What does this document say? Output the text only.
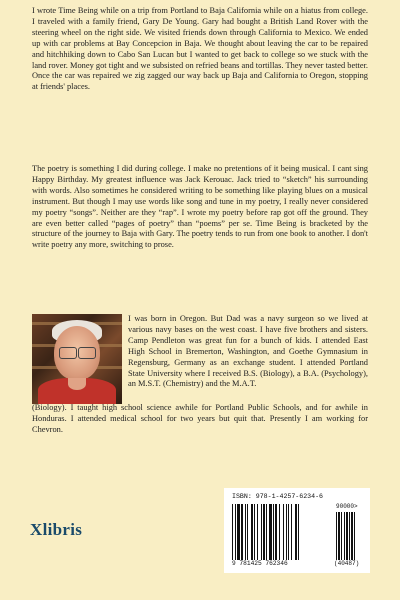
I wrote Time Being while on a trip from Portland to Baja California while on a hiatus from college. I traveled with a family friend, Gary De Young. Gary had bought a British Land Rover with the steering wheel on the right side. We visited friends down through California to Mexico. We ended up with car problems at Bay Concepcion in Baja. We thought about leaving the car to be repaired and hitchhiking down to Cabo San Lucan but I wanted to get back to college so we stuck with the land rover. Money got tight and we subsisted on refried beans and tortillas. They never tasted better. Once the car was repaired we zig zagged our way back up Baja and California to Oregon, stopping at friends' places.

The poetry is something I did during college. I make no pretentions of it being musical. I cant sing Happy Birthday. My greatest influence was Jack Kerouac. Jack tried to “sketch” his surrounding with words. Also sometimes he considered writing to be something like playing blues on a musical instrument. But though I may use words like song and tune in my poetry, I really never considered my poetry “songs”. Neither are they “rap”. I wrote my poetry before rap got off the ground. They are even better called “pages of poetry” than “poems” per se. Time Being is bracketed by the structure of the journey to Baja with Gary. The poetry tends to run from one book to another. I don't write poetry any more, switching to prose.

I was born in Oregon. But Dad was a navy surgeon so we lived at various navy bases on the west coast. I have five brothers and sisters. Camp Pendleton was great fun for a bunch of kids. I attended East High School in Bremerton, Washington, and Goethe Gymnasium in Regensburg, Germany as an exchange student. I attended Portland State University where I received B.S. (Biology), a B.A. (Psychology), an M.S.T. (Chemistry) and the M.A.T.

(Biology). I taught high school science awhile for Portland Public Schools, and for awhile in Honduras. I attended medical school for two years but quit that. Presently I am working for Chevron.

Xlibris
ISBN: 978-1-4257-6234-6
90000>
9 781425 762346	(40487)
